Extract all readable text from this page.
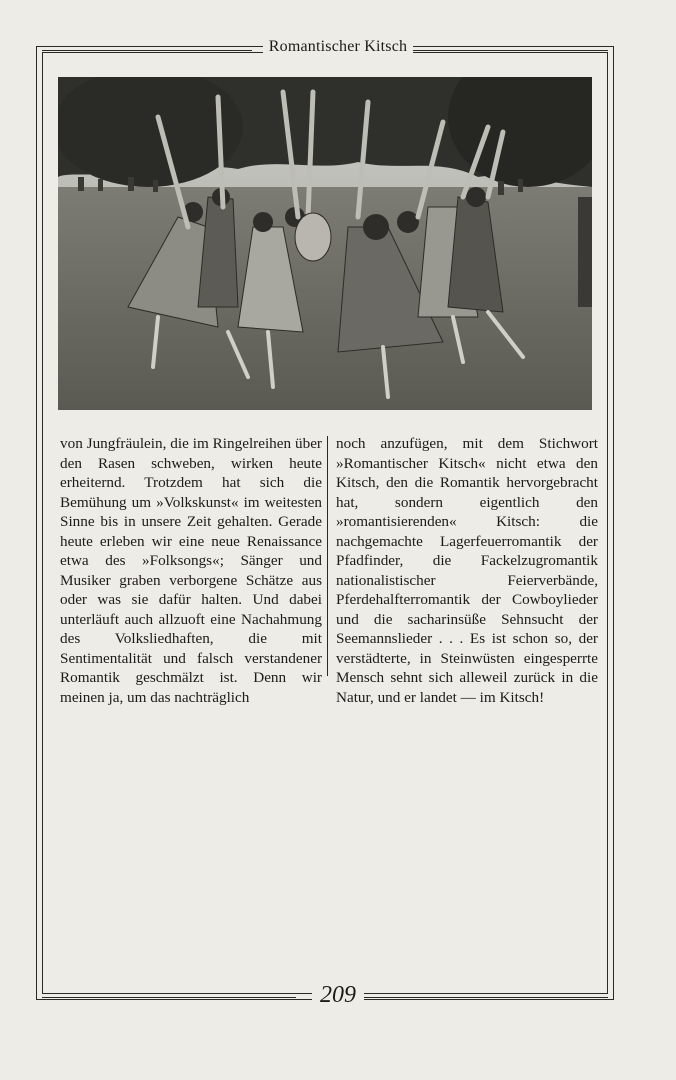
Romantischer Kitsch
von Jungfräulein, die im Ringelreihen über den Rasen schweben, wirken heute erheiternd. Trotzdem hat sich die Bemühung um »Volkskunst« im weitesten Sinne bis in unsere Zeit gehalten. Gerade heute erleben wir eine neue Renaissance etwa des »Folksongs«; Sänger und Musiker graben verborgene Schätze aus oder was sie dafür halten. Und dabei unterläuft auch allzuoft eine Nachahmung des Volksliedhaften, die mit Sentimentalität und falsch verstandener Romantik geschmälzt ist. Denn wir meinen ja, um das nachträglich
noch anzufügen, mit dem Stichwort »Romantischer Kitsch« nicht etwa den Kitsch, den die Romantik hervorgebracht hat, sondern eigentlich den »romantisierenden« Kitsch: die nachgemachte Lagerfeuerromantik der Pfadfinder, die Fackelzugromantik nationalistischer Feierverbände, Pferdehalfterromantik der Cowboylieder und die sacharinsüße Sehnsucht der Seemannslieder . . . Es ist schon so, der verstädterte, in Steinwüsten eingesperrte Mensch sehnt sich alleweil zurück in die Natur, und er landet — im Kitsch!
209
